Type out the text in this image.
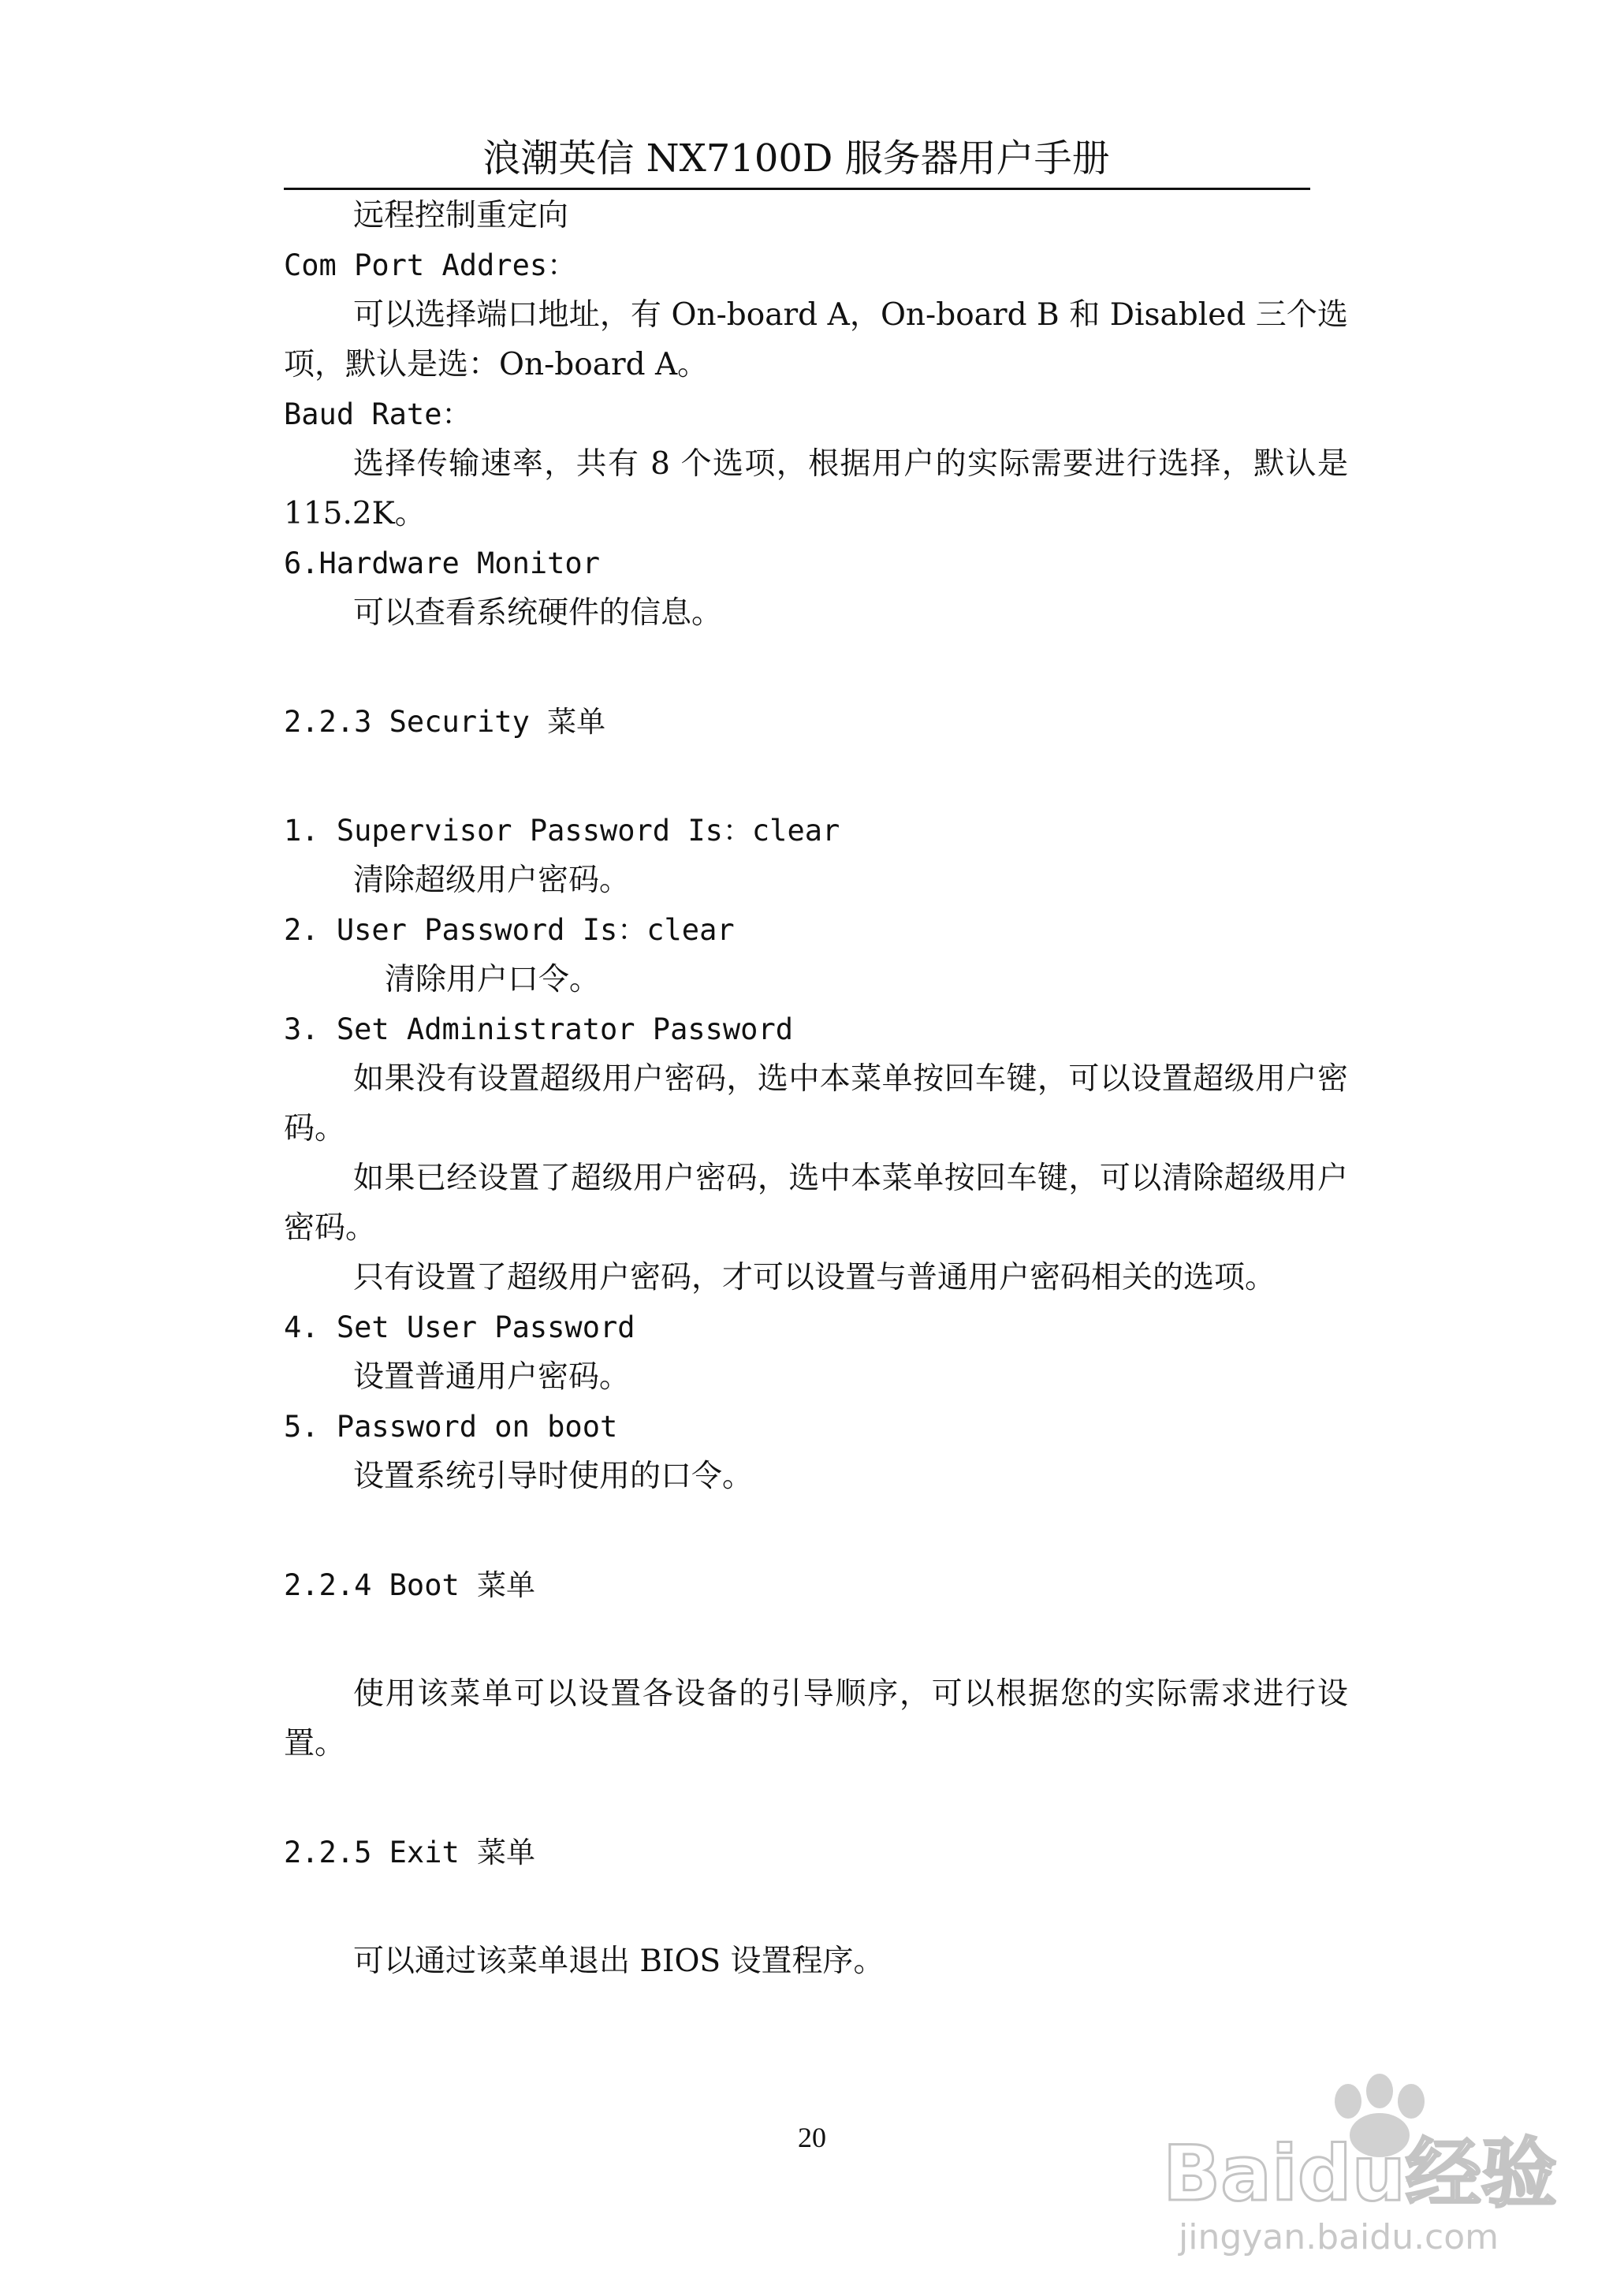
浪潮英信 NX7100D 服务器用户手册

远程控制重定向

Com Port Addres：

可以选择端口地址，有 On-board A，On-board B 和 Disabled 三个选项，默认是选：On-board A。

Baud Rate：

选择传输速率，共有 8 个选项，根据用户的实际需要进行选择，默认是 115.2K。

6.Hardware Monitor

可以查看系统硬件的信息。

2.2.3 Security 菜单

1. Supervisor Password Is：clear

清除超级用户密码。

2. User Password Is：clear

清除用户口令。

3. Set Administrator Password

如果没有设置超级用户密码，选中本菜单按回车键，可以设置超级用户密码。

如果已经设置了超级用户密码，选中本菜单按回车键，可以清除超级用户密码。

只有设置了超级用户密码，才可以设置与普通用户密码相关的选项。

4. Set User Password

设置普通用户密码。

5. Password on boot

设置系统引导时使用的口令。

2.2.4 Boot 菜单

使用该菜单可以设置各设备的引导顺序，可以根据您的实际需求进行设置。

2.2.5 Exit 菜单

可以通过该菜单退出 BIOS 设置程序。

20	Baidu经验
jingyan.baidu.com
